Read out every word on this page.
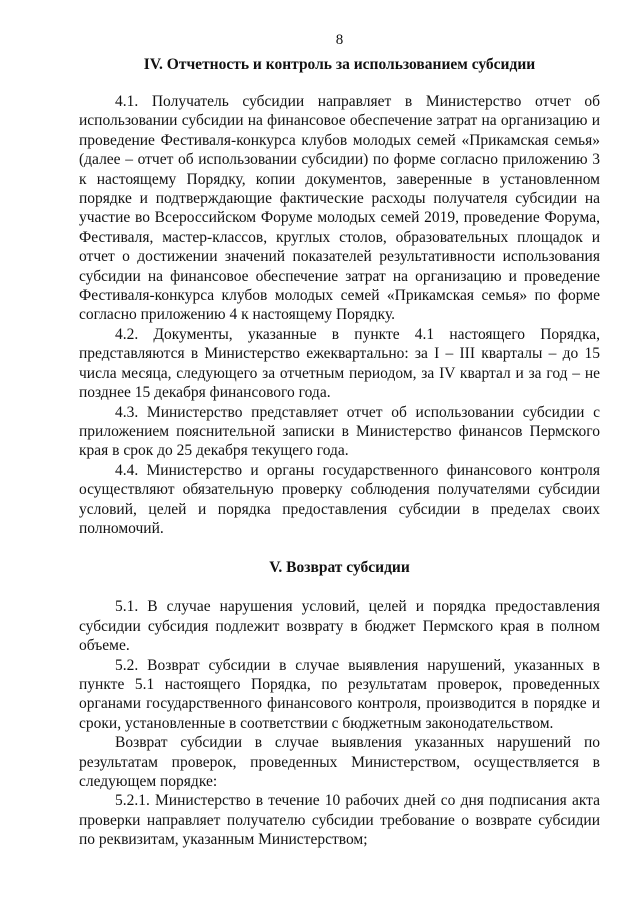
8
IV. Отчетность и контроль за использованием субсидии

4.1. Получатель субсидии направляет в Министерство отчет об использовании субсидии на финансовое обеспечение затрат на организацию и проведение Фестиваля-конкурса клубов молодых семей «Прикамская семья» (далее – отчет об использовании субсидии) по форме согласно приложению 3 к настоящему Порядку, копии документов, заверенные в установленном порядке и подтверждающие фактические расходы получателя субсидии на участие во Всероссийском Форуме молодых семей 2019, проведение Форума, Фестиваля, мастер-классов, круглых столов, образовательных площадок и отчет о достижении значений показателей результативности использования субсидии на финансовое обеспечение затрат на организацию и проведение Фестиваля-конкурса клубов молодых семей «Прикамская семья» по форме согласно приложению 4 к настоящему Порядку.

4.2. Документы, указанные в пункте 4.1 настоящего Порядка, представляются в Министерство ежеквартально: за I – III кварталы – до 15 числа месяца, следующего за отчетным периодом, за IV квартал и за год – не позднее 15 декабря финансового года.

4.3. Министерство представляет отчет об использовании субсидии с приложением пояснительной записки в Министерство финансов Пермского края в срок до 25 декабря текущего года.

4.4. Министерство и органы государственного финансового контроля осуществляют обязательную проверку соблюдения получателями субсидии условий, целей и порядка предоставления субсидии в пределах своих полномочий.

V. Возврат субсидии

5.1. В случае нарушения условий, целей и порядка предоставления субсидии субсидия подлежит возврату в бюджет Пермского края в полном объеме.

5.2. Возврат субсидии в случае выявления нарушений, указанных в пункте 5.1 настоящего Порядка, по результатам проверок, проведенных органами государственного финансового контроля, производится в порядке и сроки, установленные в соответствии с бюджетным законодательством.

Возврат субсидии в случае выявления указанных нарушений по результатам проверок, проведенных Министерством, осуществляется в следующем порядке:

5.2.1. Министерство в течение 10 рабочих дней со дня подписания акта проверки направляет получателю субсидии требование о возврате субсидии по реквизитам, указанным Министерством;
